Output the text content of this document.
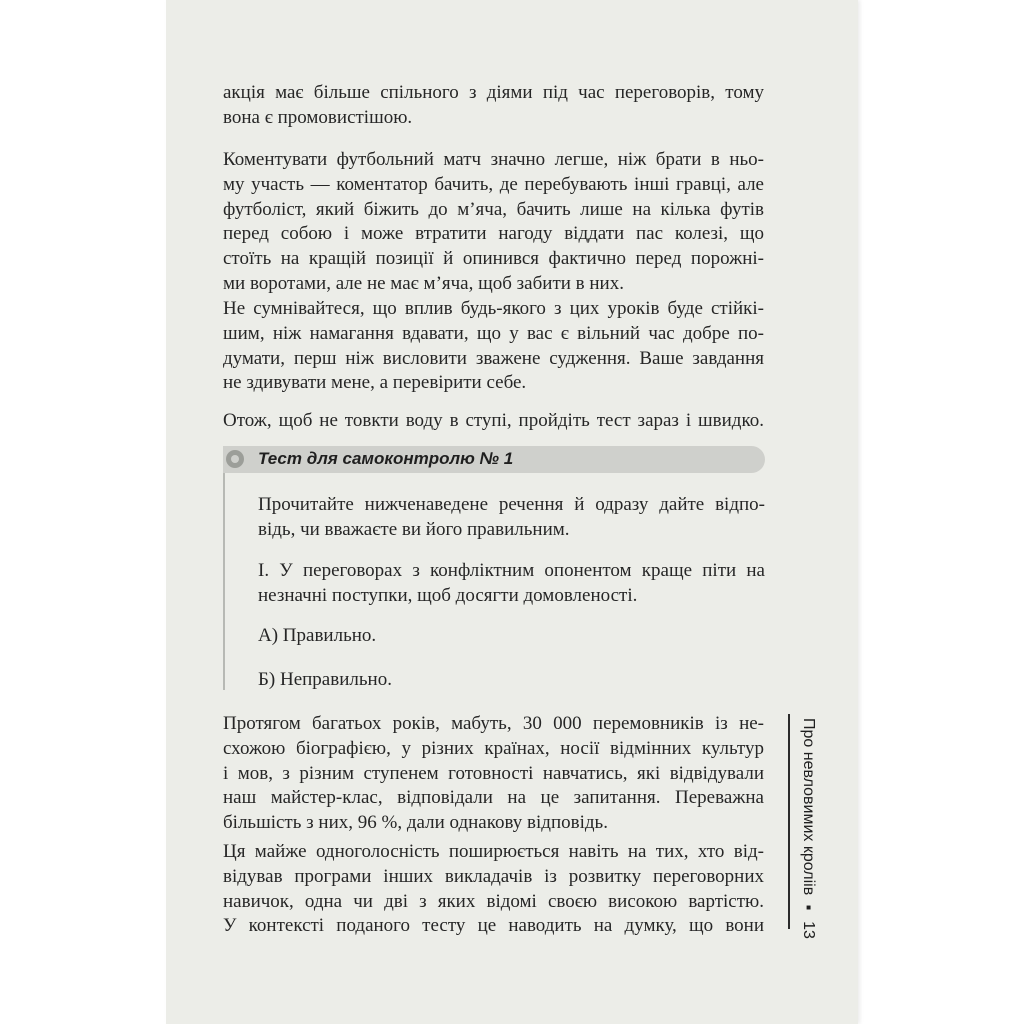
акція має більше спільного з діями під час переговорів, тому
вона є промовистішою.
Коментувати футбольний матч значно легше, ніж брати в ньо-
му участь — коментатор бачить, де перебувають інші гравці, але
футболіст, який біжить до м’яча, бачить лише на кілька футів
перед собою і може втратити нагоду віддати пас колезі, що
стоїть на кращій позиції й опинився фактично перед порожні-
ми воротами, але не має м’яча, щоб забити в них.
Не сумнівайтеся, що вплив будь-якого з цих уроків буде стійкі-
шим, ніж намагання вдавати, що у вас є вільний час добре по-
думати, перш ніж висловити зважене судження. Ваше завдання
не здивувати мене, а перевірити себе.
Отож, щоб не товкти воду в ступі, пройдіть тест зараз і швидко.
Тест для самоконтролю № 1
Прочитайте нижченаведене речення й одразу дайте відпо-
відь, чи вважаєте ви його правильним.
І. У переговорах з конфліктним опонентом краще піти на
незначні поступки, щоб досягти домовленості.
А) Правильно.
Б) Неправильно.
Протягом багатьох років, мабуть, 30 000 перемовників із не-
схожою біографією, у різних країнах, носії відмінних культур
і мов, з різним ступенем готовності навчатись, які відвідували
наш майстер-клас, відповідали на це запитання. Переважна
більшість з них, 96 %, дали однакову відповідь.
Ця майже одноголосність поширюється навіть на тих, хто від-
відував програми інших викладачів із розвитку переговорних
навичок, одна чи дві з яких відомі своєю високою вартістю.
У контексті поданого тесту це наводить на думку, що вони	Про невловимих кроліів ▪ 13
